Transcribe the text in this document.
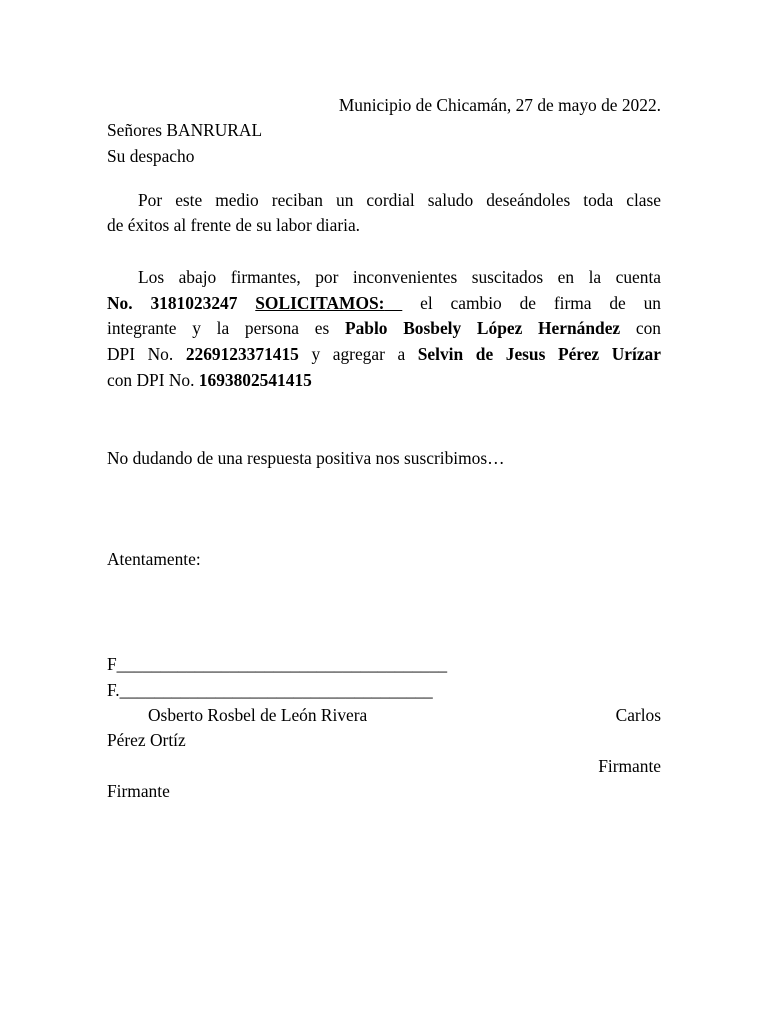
Municipio de Chicamán, 27 de mayo de 2022.
Señores BANRURAL
Su despacho
Por este medio reciban un cordial saludo deseándoles toda clase
de éxitos al frente de su labor diaria.
Los abajo firmantes, por inconvenientes suscitados en la cuenta
No. 3181023247 SOLICITAMOS:  el cambio de firma de un
integrante y la persona es Pablo Bosbely López Hernández con
DPI No. 2269123371415 y agregar a Selvin de Jesus Pérez Urízar
con DPI No. 1693802541415
No dudando de una respuesta positiva nos suscribimos…
Atentamente:
F______________________________________
F.____________________________________
Osberto Rosbel de León Rivera	Carlos
Pérez Ortíz
Firmante
Firmante
